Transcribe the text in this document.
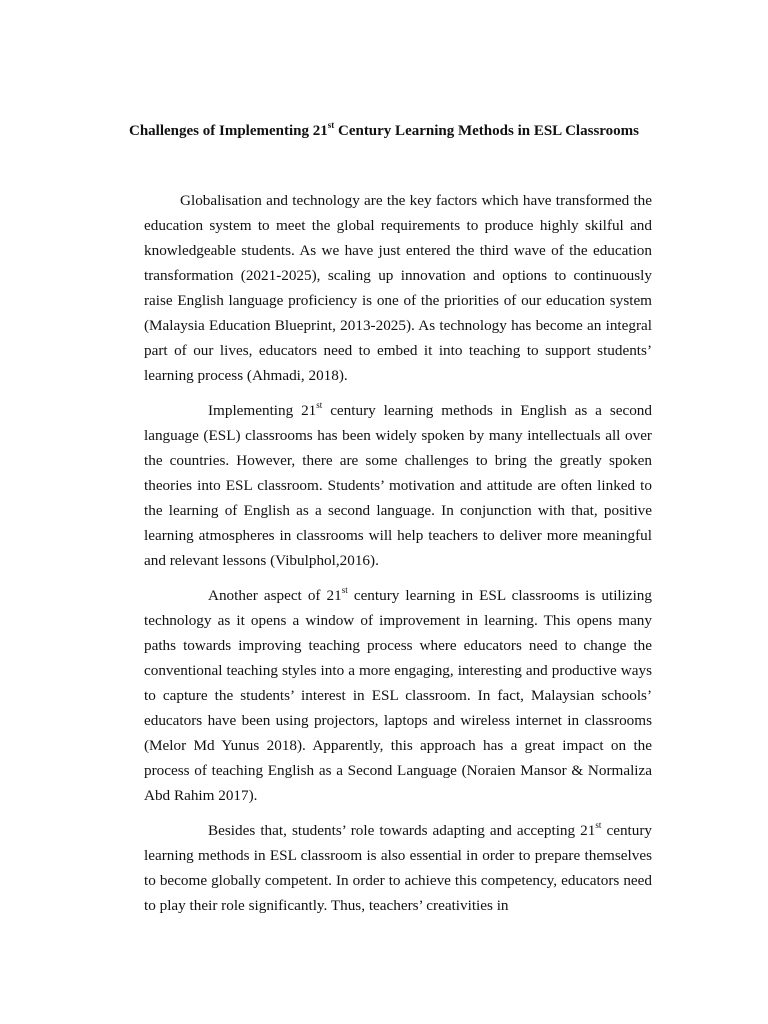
Challenges of Implementing 21st Century Learning Methods in ESL Classrooms

Globalisation and technology are the key factors which have transformed the education system to meet the global requirements to produce highly skilful and knowledgeable students. As we have just entered the third wave of the education transformation (2021-2025), scaling up innovation and options to continuously raise English language proficiency is one of the priorities of our education system (Malaysia Education Blueprint, 2013-2025). As technology has become an integral part of our lives, educators need to embed it into teaching to support students’ learning process (Ahmadi, 2018).

Implementing 21st century learning methods in English as a second language (ESL) classrooms has been widely spoken by many intellectuals all over the countries. However, there are some challenges to bring the greatly spoken theories into ESL classroom. Students’ motivation and attitude are often linked to the learning of English as a second language. In conjunction with that, positive learning atmospheres in classrooms will help teachers to deliver more meaningful and relevant lessons (Vibulphol,2016).

Another aspect of 21st century learning in ESL classrooms is utilizing technology as it opens a window of improvement in learning. This opens many paths towards improving teaching process where educators need to change the conventional teaching styles into a more engaging, interesting and productive ways to capture the students’ interest in ESL classroom. In fact, Malaysian schools’ educators have been using projectors, laptops and wireless internet in classrooms (Melor Md Yunus 2018). Apparently, this approach has a great impact on the process of teaching English as a Second Language (Noraien Mansor & Normaliza Abd Rahim 2017).

Besides that, students’ role towards adapting and accepting 21st century learning methods in ESL classroom is also essential in order to prepare themselves to become globally competent. In order to achieve this competency, educators need to play their role significantly. Thus, teachers’ creativities in
